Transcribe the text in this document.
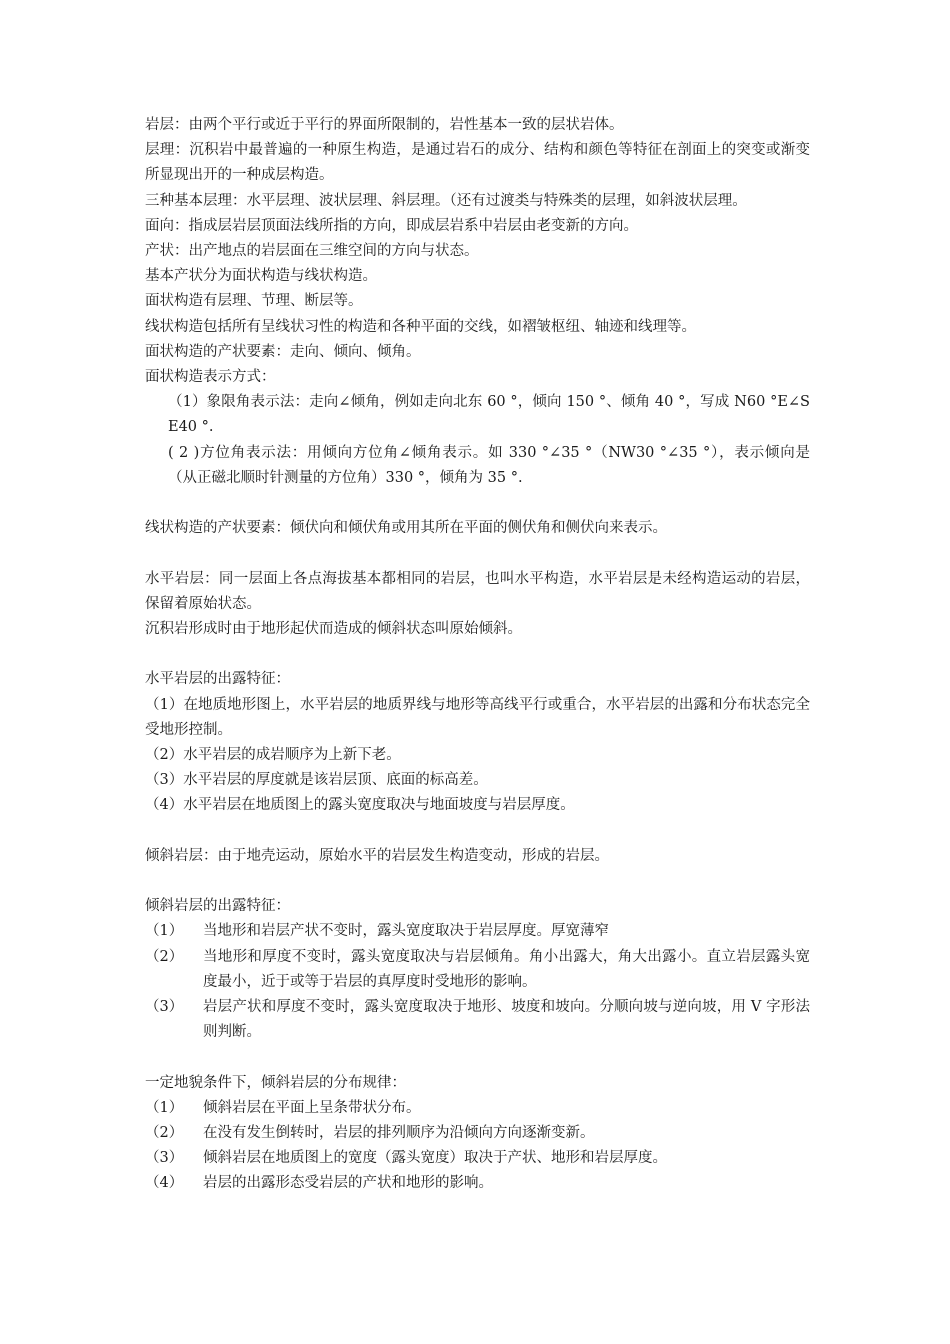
岩层：由两个平行或近于平行的界面所限制的，岩性基本一致的层状岩体。

层理：沉积岩中最普遍的一种原生构造，是通过岩石的成分、结构和颜色等特征在剖面上的突变或渐变所显现出开的一种成层构造。

三种基本层理：水平层理、波状层理、斜层理。（还有过渡类与特殊类的层理，如斜波状层理。

面向：指成层岩层顶面法线所指的方向，即成层岩系中岩层由老变新的方向。

产状：出产地点的岩层面在三维空间的方向与状态。

基本产状分为面状构造与线状构造。

面状构造有层理、节理、断层等。

线状构造包括所有呈线状习性的构造和各种平面的交线，如褶皱枢纽、轴迹和线理等。

面状构造的产状要素：走向、倾向、倾角。

面状构造表示方式：

（1）象限角表示法：走向∠倾角，例如走向北东 60 °，倾向 150 °、倾角 40 °，写成 N60 °E∠SE40 °.

( 2 )方位角表示法：用倾向方位角∠倾角表示。如 330 °∠35 °（NW30 °∠35 °），表示倾向是（从正磁北顺时针测量的方位角）330 °，倾角为 35 °.

线状构造的产状要素：倾伏向和倾伏角或用其所在平面的侧伏角和侧伏向来表示。

水平岩层：同一层面上各点海拔基本都相同的岩层，也叫水平构造，水平岩层是未经构造运动的岩层，保留着原始状态。

沉积岩形成时由于地形起伏而造成的倾斜状态叫原始倾斜。

水平岩层的出露特征：

（1）在地质地形图上，水平岩层的地质界线与地形等高线平行或重合，水平岩层的出露和分布状态完全受地形控制。

（2）水平岩层的成岩顺序为上新下老。

（3）水平岩层的厚度就是该岩层顶、底面的标高差。

（4）水平岩层在地质图上的露头宽度取决与地面坡度与岩层厚度。

倾斜岩层：由于地壳运动，原始水平的岩层发生构造变动，形成的岩层。

倾斜岩层的出露特征：

（1）	当地形和岩层产状不变时，露头宽度取决于岩层厚度。厚宽薄窄
（2）	当地形和厚度不变时，露头宽度取决与岩层倾角。角小出露大，角大出露小。直立岩层露头宽度最小，近于或等于岩层的真厚度时受地形的影响。
（3）	岩层产状和厚度不变时，露头宽度取决于地形、坡度和坡向。分顺向坡与逆向坡，用 V 字形法则判断。

一定地貌条件下，倾斜岩层的分布规律：

（1）	倾斜岩层在平面上呈条带状分布。
（2）	在没有发生倒转时，岩层的排列顺序为沿倾向方向逐渐变新。
（3）	倾斜岩层在地质图上的宽度（露头宽度）取决于产状、地形和岩层厚度。
（4）	岩层的出露形态受岩层的产状和地形的影响。
